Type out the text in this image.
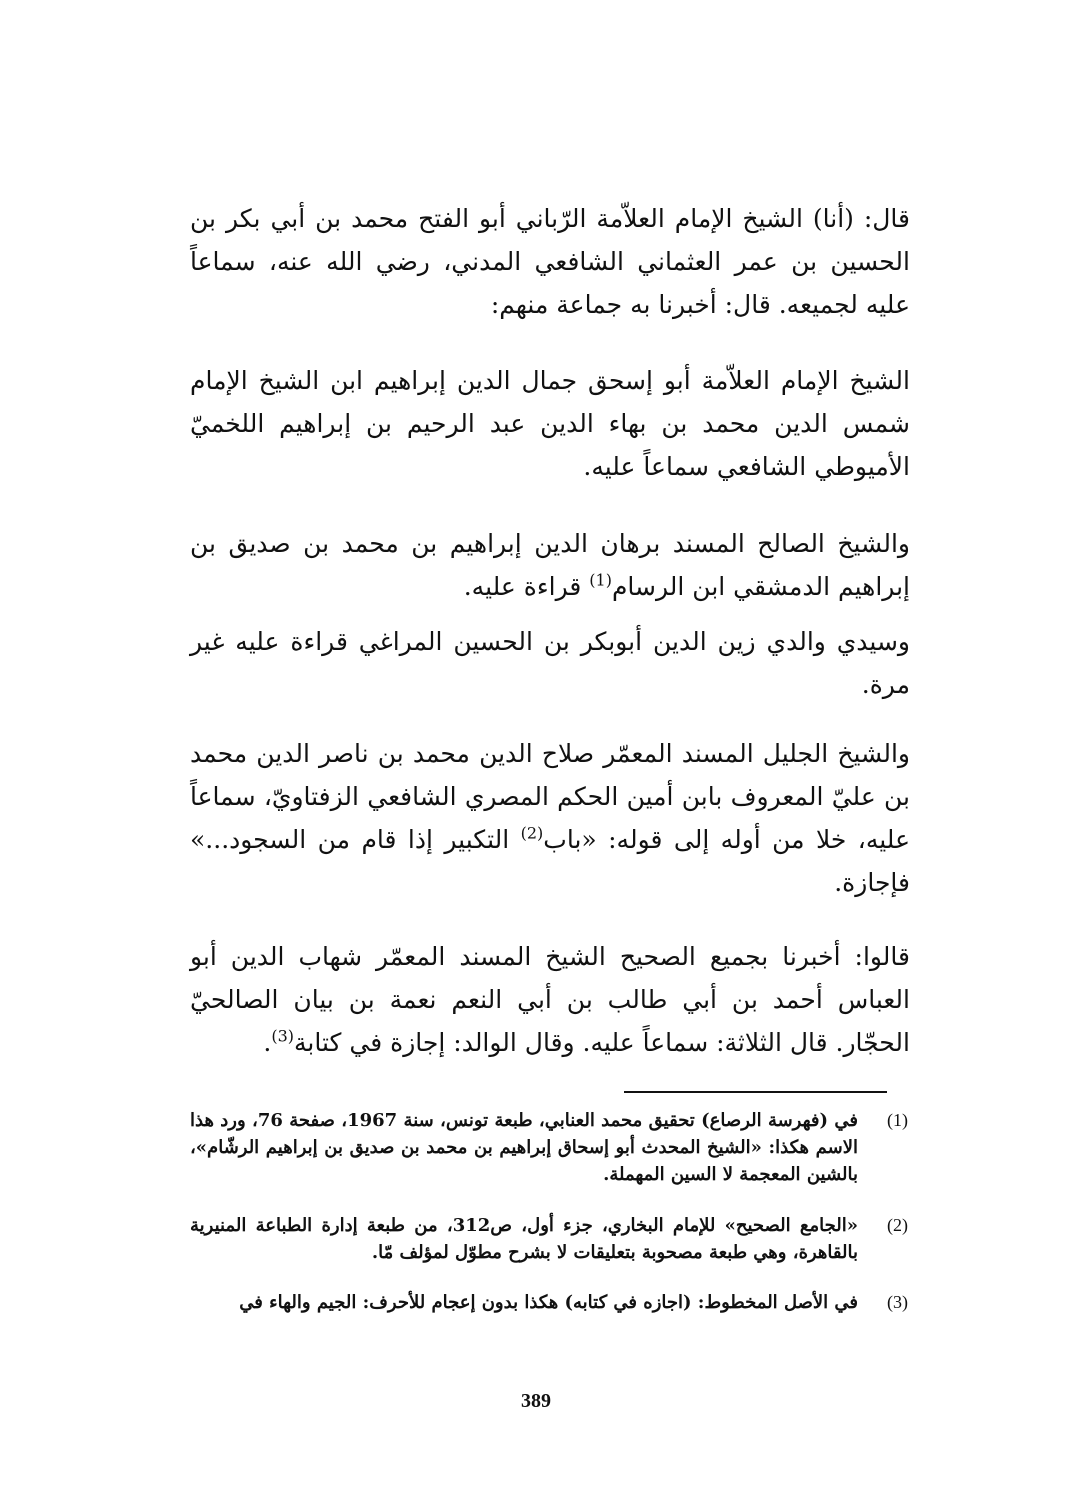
قال: (أنا) الشيخ الإمام العلاّمة الرّباني أبو الفتح محمد بن أبي بكر بن الحسين بن عمر العثماني الشافعي المدني، رضي الله عنه، سماعاً عليه لجميعه. قال: أخبرنا به جماعة منهم:

الشيخ الإمام العلاّمة أبو إسحق جمال الدين إبراهيم ابن الشيخ الإمام شمس الدين محمد بن بهاء الدين عبد الرحيم بن إبراهيم اللخميّ الأميوطي الشافعي سماعاً عليه.

والشيخ الصالح المسند برهان الدين إبراهيم بن محمد بن صديق بن إبراهيم الدمشقي ابن الرسام$^{(1)}$ قراءة عليه.

وسيدي والدي زين الدين أبوبكر بن الحسين المراغي قراءة عليه غير مرة.

والشيخ الجليل المسند المعمّر صلاح الدين محمد بن ناصر الدين محمد بن عليّ المعروف بابن أمين الحكم المصري الشافعي الزفتاويّ، سماعاً عليه، خلا من أوله إلى قوله: «باب$^{(2)}$ التكبير إذا قام من السجود...» فإجازة.

قالوا: أخبرنا بجميع الصحيح الشيخ المسند المعمّر شهاب الدين أبو العباس أحمد بن أبي طالب بن أبي النعم نعمة بن بيان الصالحيّ الحجّار. قال الثلاثة: سماعاً عليه. وقال الوالد: إجازة في كتابة$^{(3)}$.

(1)
في (فهرسة الرصاع) تحقيق محمد العنابي، طبعة تونس، سنة 1967، صفحة 76، ورد هذا الاسم هكذا: «الشيخ المحدث أبو إسحاق إبراهيم بن محمد بن صديق بن إبراهيم الرشّام»، بالشين المعجمة لا السين المهملة.
(2)
«الجامع الصحيح» للإمام البخاري، جزء أول، ص312، من طبعة إدارة الطباعة المنيرية بالقاهرة، وهي طبعة مصحوبة بتعليقات لا بشرح مطوّل لمؤلف مّا.
(3)
في الأصل المخطوط: (اجازه في كتابه) هكذا بدون إعجام للأحرف: الجيم والهاء في
389
